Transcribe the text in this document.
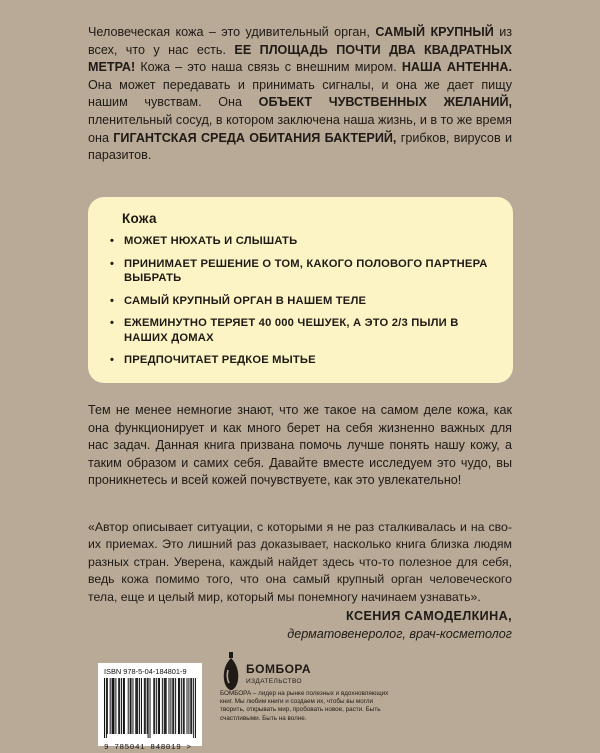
Человеческая кожа – это удивительный орган, САМЫЙ КРУПНЫЙ из всех, что у нас есть. ЕЕ ПЛОЩАДЬ ПОЧТИ ДВА КВАДРАТНЫХ МЕТРА! Кожа – это наша связь с внешним миром. НАША АНТЕННА. Она может передавать и принимать сигналы, и она же дает пищу нашим чувствам. Она ОБЪЕКТ ЧУВСТВЕННЫХ ЖЕЛАНИЙ, пленительный сосуд, в котором заключена наша жизнь, и в то же время она ГИГАНТСКАЯ СРЕДА ОБИТАНИЯ БАКТЕРИЙ, грибков, вирусов и паразитов.
Кожа
• МОЖЕТ НЮХАТЬ И СЛЫШАТЬ
• ПРИНИМАЕТ РЕШЕНИЕ О ТОМ, КАКОГО ПОЛОВОГО ПАРТНЕРА ВЫБРАТЬ
• САМЫЙ КРУПНЫЙ ОРГАН В НАШЕМ ТЕЛЕ
• ЕЖЕМИНУТНО ТЕРЯЕТ 40 000 ЧЕШУЕК, А ЭТО 2/3 ПЫЛИ В НАШИХ ДОМАХ
• ПРЕДПОЧИТАЕТ РЕДКОЕ МЫТЬЕ
Тем не менее немногие знают, что же такое на самом деле кожа, как она функционирует и как много берет на себя жизненно важных для нас задач. Данная книга призвана помочь лучше понять нашу кожу, а таким образом и самих себя. Давайте вместе исследуем это чудо, вы проникнетесь и всей кожей почувствуете, как это увлекательно!
«Автор описывает ситуации, с которыми я не раз сталкивалась и на своих приемах. Это лишний раз доказывает, насколько книга близка людям разных стран. Уверена, каждый найдет здесь что-то полезное для себя, ведь кожа помимо того, что она самый крупный орган человеческого тела, еще и целый мир, который мы понемногу начинаем узнавать».
КСЕНИЯ САМОДЕЛКИНА,
дерматовенеролог, врач-косметолог
ISBN 978-5-04-184801-9
9 785041 848019 >
БОМБОРА
ИЗДАТЕЛЬСТВО
БОМБОРА – лидер на рынке полезных и вдохновляющих книг. Мы любим книги и создаем их, чтобы вы могли творить, открывать мир, пробовать новое, расти. Быть счастливыми. Быть на волне.
